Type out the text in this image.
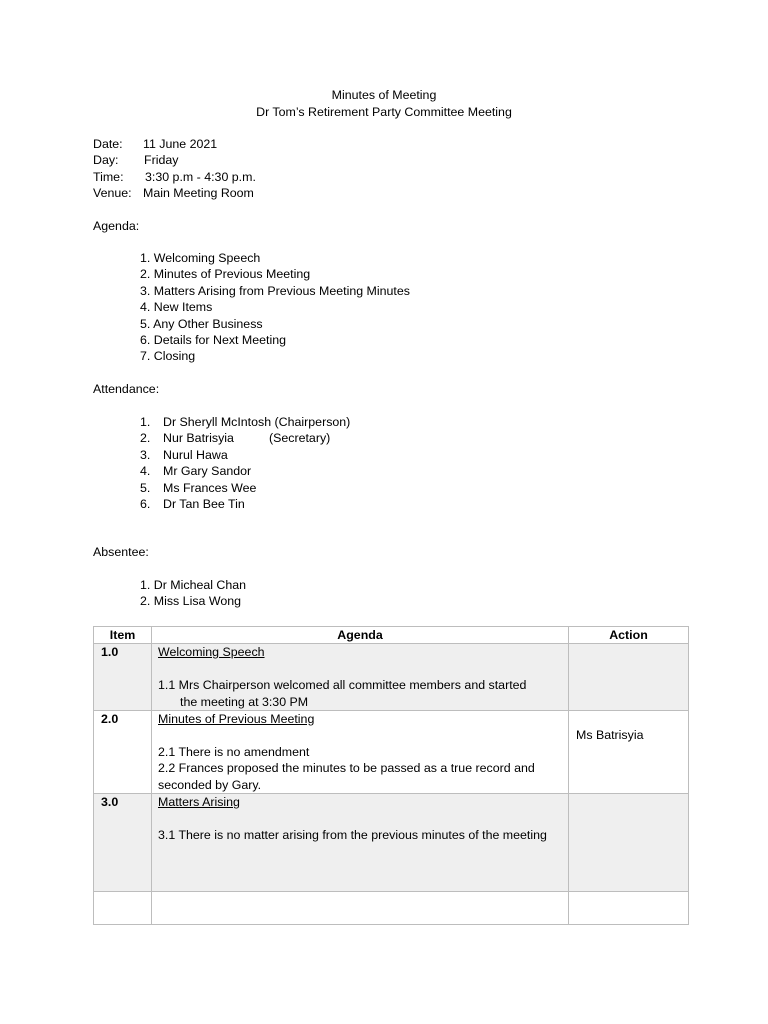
Minutes of Meeting
Dr Tom’s Retirement Party Committee Meeting
Date: 11 June 2021
Day: Friday
Time: 3:30 p.m - 4:30 p.m.
Venue: Main Meeting Room
Agenda:
1. Welcoming Speech
2. Minutes of Previous Meeting
3. Matters Arising from Previous Meeting Minutes
4. New Items
5. Any Other Business
6. Details for Next Meeting
7. Closing
Attendance:
1. Dr Sheryll McIntosh (Chairperson)
2. Nur Batrisyia	(Secretary)
3. Nurul Hawa
4. Mr Gary Sandor
5. Ms Frances Wee
6. Dr Tan Bee Tin
Absentee:
1. Dr Micheal Chan
2. Miss Lisa Wong
Item	Agenda	Action
1.0	Welcoming Speech
1.1 Mrs Chairperson welcomed all committee members and started
the meeting at 3:30 PM	

2.0	Minutes of Previous Meeting
2.1 There is no amendment
2.2 Frances proposed the minutes to be passed as a true record and seconded by Gary.	Ms Batrisyia
3.0	Matters Arising
3.1 There is no matter arising from the previous minutes of the meeting	
